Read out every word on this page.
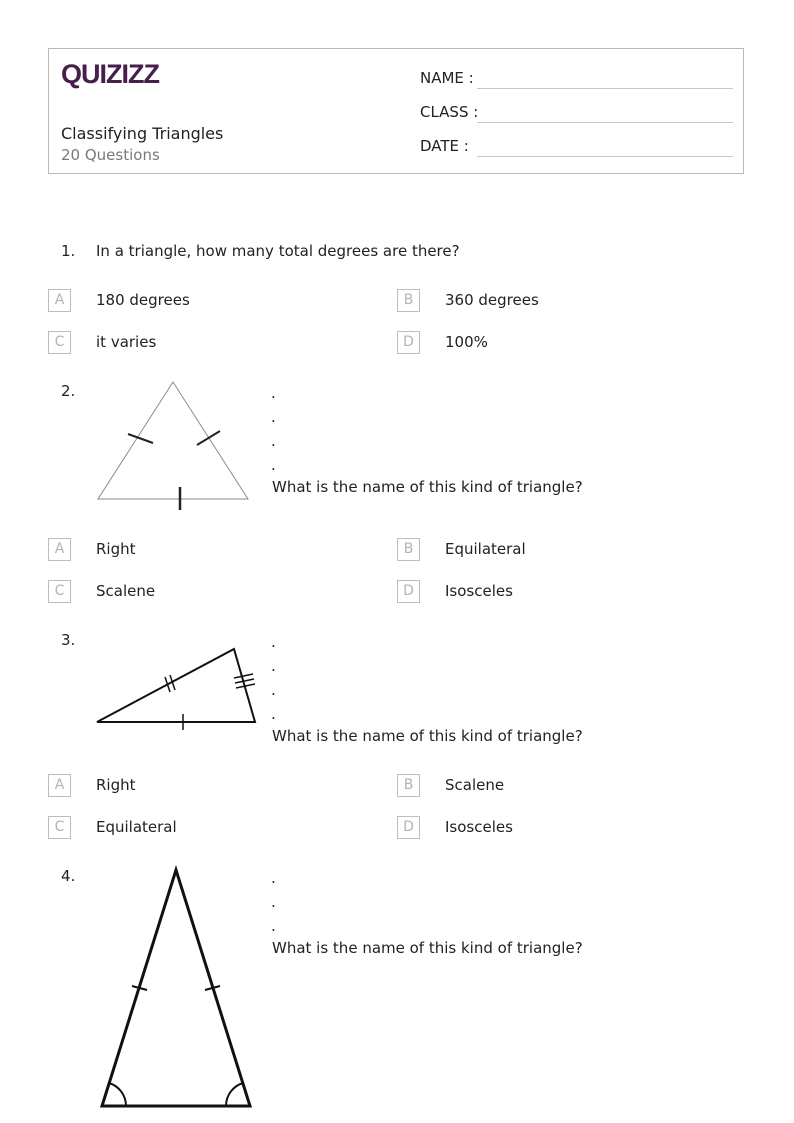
QUIZIZZ
Classifying Triangles
20 Questions
NAME :
CLASS :
DATE :
1. In a triangle, how many total degrees are there?
A	180 degrees	B	360 degrees
C	it varies	D	100%
2.	.
.
.
.
What is the name of this kind of triangle?
A	Right	B	Equilateral
C	Scalene	D	Isosceles
3.	.
.
.
.
What is the name of this kind of triangle?
A	Right	B	Scalene
C	Equilateral	D	Isosceles
4.	.
.
.
What is the name of this kind of triangle?
